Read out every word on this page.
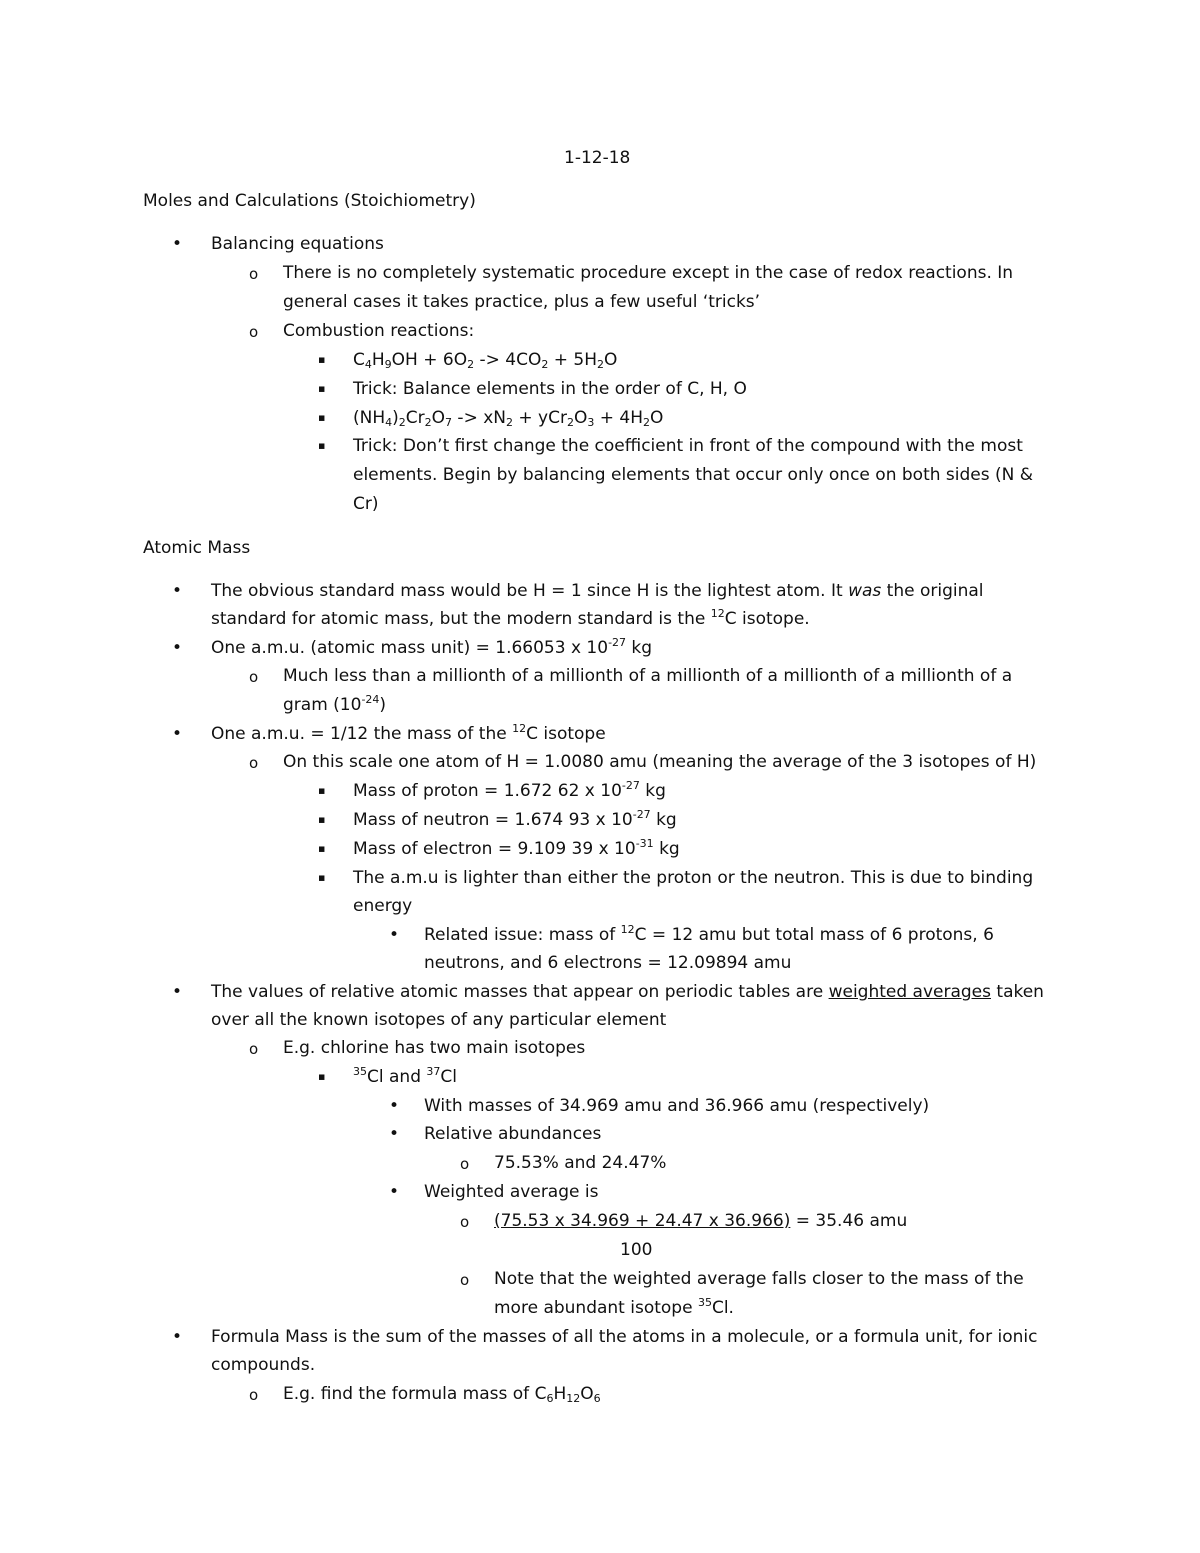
1-12-18
Moles and Calculations (Stoichiometry)
• Balancing equations
o There is no completely systematic procedure except in the case of redox reactions. In
general cases it takes practice, plus a few useful ‘tricks’
o Combustion reactions:
▪ $C_4H_9OH + 6O_2 -> 4CO_2 + 5H_2O$
▪ Trick: Balance elements in the order of C, H, O
▪ $(NH_4)_2Cr_2O_7 -> xN_2 + yCr_2O_3 + 4H_2O$
▪ Trick: Don’t first change the coefficient in front of the compound with the most
elements. Begin by balancing elements that occur only once on both sides (N &
Cr)
Atomic Mass
• The obvious standard mass would be H = 1 since H is the lightest atom. It was the original
standard for atomic mass, but the modern standard is the $^{12}$C isotope.
• One a.m.u. (atomic mass unit) = 1.66053 x $10^{-27}$ kg
o Much less than a millionth of a millionth of a millionth of a millionth of a millionth of a
gram $(10^{-24})$
• One a.m.u. = 1/12 the mass of the $^{12}$C isotope
o On this scale one atom of H = 1.0080 amu (meaning the average of the 3 isotopes of H)
▪ Mass of proton = 1.672 62 x $10^{-27}$ kg
▪ Mass of neutron = 1.674 93 x $10^{-27}$ kg
▪ Mass of electron = 9.109 39 x $10^{-31}$ kg
▪ The a.m.u is lighter than either the proton or the neutron. This is due to binding
energy
• Related issue: mass of $^{12}$C = 12 amu but total mass of 6 protons, 6
neutrons, and 6 electrons = 12.09894 amu
• The values of relative atomic masses that appear on periodic tables are weighted averages taken
over all the known isotopes of any particular element
o E.g. chlorine has two main isotopes
▪	$^{35}$Cl and $^{37}$Cl
• With masses of 34.969 amu and 36.966 amu (respectively)
• Relative abundances
o 75.53% and 24.47%
• Weighted average is
o (75.53 x 34.969 + 24.47 x 36.966) = 35.46 amu
100
o Note that the weighted average falls closer to the mass of the
more abundant isotope $^{35}$Cl.
• Formula Mass is the sum of the masses of all the atoms in a molecule, or a formula unit, for ionic
compounds.
o E.g. find the formula mass of $C_6H_{12}O_6$
